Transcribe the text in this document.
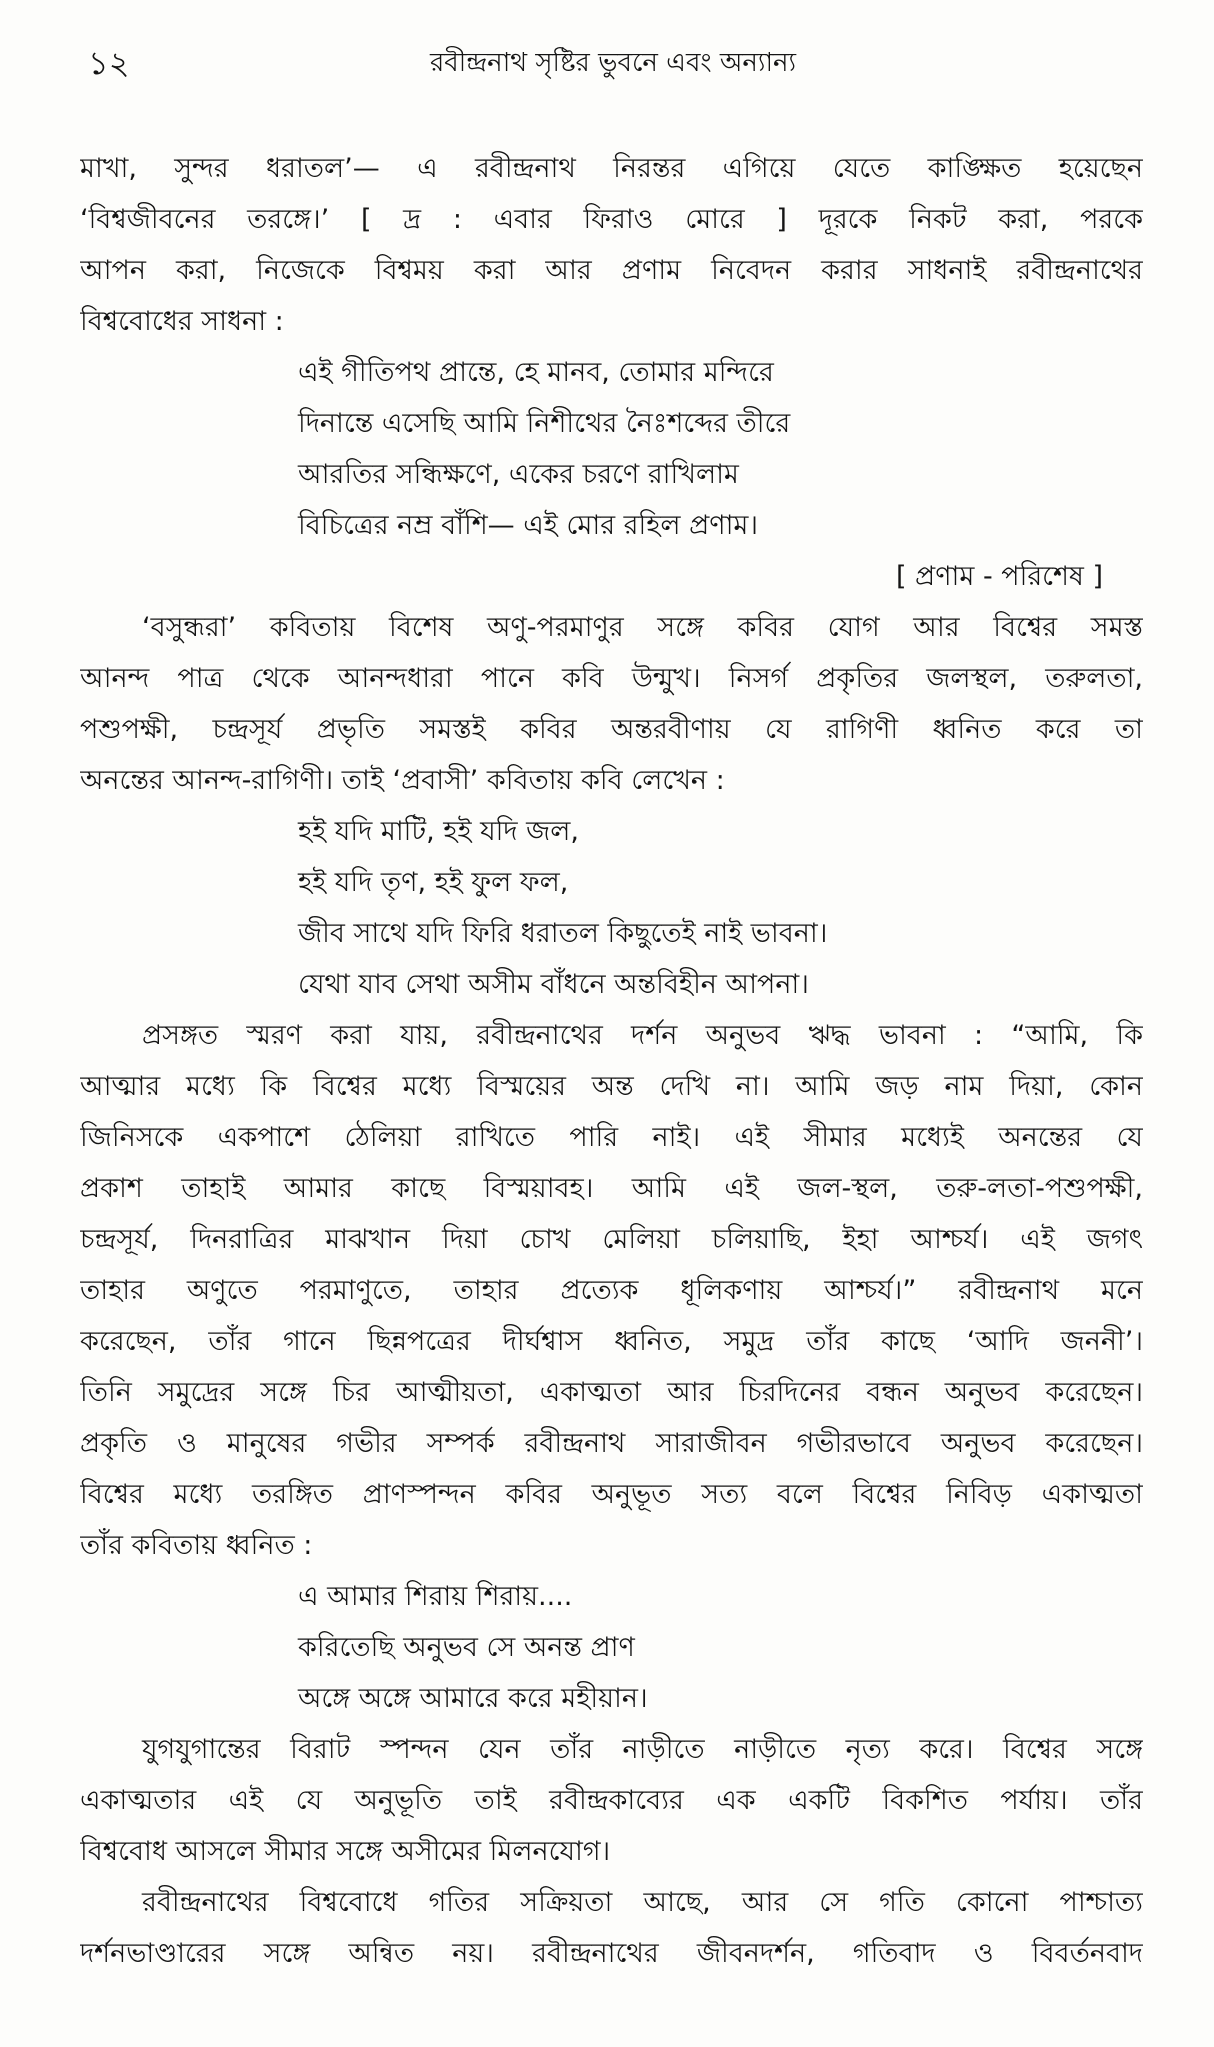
১২	রবীন্দ্রনাথ সৃষ্টির ভুবনে এবং অন্যান্য
মাখা, সুন্দর ধরাতল’— এ রবীন্দ্রনাথ নিরন্তর এগিয়ে যেতে কাঙ্ক্ষিত হয়েছেন
‘বিশ্বজীবনের তরঙ্গে।’ [ দ্র : এবার ফিরাও মোরে ] দূরকে নিকট করা, পরকে
আপন করা, নিজেকে বিশ্বময় করা আর প্রণাম নিবেদন করার সাধনাই রবীন্দ্রনাথের
বিশ্ববোধের সাধনা :
এই গীতিপথ প্রান্তে, হে মানব, তোমার মন্দিরে
দিনান্তে এসেছি আমি নিশীথের নৈঃশব্দের তীরে
আরতির সন্ধিক্ষণে, একের চরণে রাখিলাম
বিচিত্রের নম্র বাঁশি— এই মোর রহিল প্রণাম।
[ প্রণাম - পরিশেষ ]
‘বসুন্ধরা’ কবিতায় বিশেষ অণু-পরমাণুর সঙ্গে কবির যোগ আর বিশ্বের সমস্ত
আনন্দ পাত্র থেকে আনন্দধারা পানে কবি উন্মুখ। নিসর্গ প্রকৃতির জলস্থল, তরুলতা,
পশুপক্ষী, চন্দ্রসূর্য প্রভৃতি সমস্তই কবির অন্তরবীণায় যে রাগিণী ধ্বনিত করে তা
অনন্তের আনন্দ-রাগিণী। তাই ‘প্রবাসী’ কবিতায় কবি লেখেন :
হই যদি মাটি, হই যদি জল,
হই যদি তৃণ, হই ফুল ফল,
জীব সাথে যদি ফিরি ধরাতল কিছুতেই নাই ভাবনা।
যেথা যাব সেথা অসীম বাঁধনে অন্তবিহীন আপনা।
প্রসঙ্গত স্মরণ করা যায়, রবীন্দ্রনাথের দর্শন অনুভব ঋদ্ধ ভাবনা : “আমি, কি
আত্মার মধ্যে কি বিশ্বের মধ্যে বিস্ময়ের অন্ত দেখি না। আমি জড় নাম দিয়া, কোন
জিনিসকে একপাশে ঠেলিয়া রাখিতে পারি নাই। এই সীমার মধ্যেই অনন্তের যে
প্রকাশ তাহাই আমার কাছে বিস্ময়াবহ। আমি এই জল-স্থল, তরু-লতা-পশুপক্ষী,
চন্দ্রসূর্য, দিনরাত্রির মাঝখান দিয়া চোখ মেলিয়া চলিয়াছি, ইহা আশ্চর্য। এই জগৎ
তাহার অণুতে পরমাণুতে, তাহার প্রত্যেক ধূলিকণায় আশ্চর্য।” রবীন্দ্রনাথ মনে
করেছেন, তাঁর গানে ছিন্নপত্রের দীর্ঘশ্বাস ধ্বনিত, সমুদ্র তাঁর কাছে ‘আদি জননী’।
তিনি সমুদ্রের সঙ্গে চির আত্মীয়তা, একাত্মতা আর চিরদিনের বন্ধন অনুভব করেছেন।
প্রকৃতি ও মানুষের গভীর সম্পর্ক রবীন্দ্রনাথ সারাজীবন গভীরভাবে অনুভব করেছেন।
বিশ্বের মধ্যে তরঙ্গিত প্রাণস্পন্দন কবির অনুভূত সত্য বলে বিশ্বের নিবিড় একাত্মতা
তাঁর কবিতায় ধ্বনিত :
এ আমার শিরায় শিরায়....
করিতেছি অনুভব সে অনন্ত প্রাণ
অঙ্গে অঙ্গে আমারে করে মহীয়ান।
যুগযুগান্তের বিরাট স্পন্দন যেন তাঁর নাড়ীতে নাড়ীতে নৃত্য করে। বিশ্বের সঙ্গে
একাত্মতার এই যে অনুভূতি তাই রবীন্দ্রকাব্যের এক একটি বিকশিত পর্যায়। তাঁর
বিশ্ববোধ আসলে সীমার সঙ্গে অসীমের মিলনযোগ।
রবীন্দ্রনাথের বিশ্ববোধে গতির সক্রিয়তা আছে, আর সে গতি কোনো পাশ্চাত্য
দর্শনভাণ্ডারের সঙ্গে অন্বিত নয়। রবীন্দ্রনাথের জীবনদর্শন, গতিবাদ ও বিবর্তনবাদ
